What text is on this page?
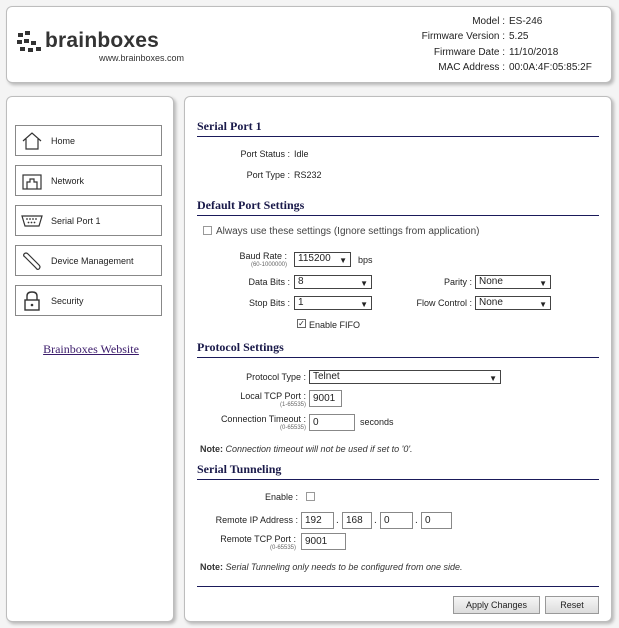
brainboxes
www.brainboxes.com
Model : ES-246
Firmware Version : 5.25
Firmware Date : 11/10/2018
MAC Address : 00:0A:4F:05:85:2F
Home
Network
Serial Port 1
Device Management
Security
Brainboxes Website
Serial Port 1
Port Status : Idle
Port Type : RS232
Default Port Settings
Always use these settings (Ignore settings from application)
Baud Rate :
(60-1000000)
115200 ▼ bps
Data Bits : 8	▼	Parity : None	▼
Stop Bits : 1	▼	Flow Control : None	▼
✓ Enable FIFO
Protocol Settings
Protocol Type : Telnet	▼
Local TCP Port :
(1-65535)
9001
Connection Timeout :
(0-65535) 0	seconds
Note: Connection timeout will not be used if set to '0'.
Serial Tunneling
Enable :
Remote IP Address : 192	. 168	. 0	. 0
Remote TCP Port :
(0-65535)
9001
Note: Serial Tunneling only needs to be configured from one side.
Apply Changes	Reset
